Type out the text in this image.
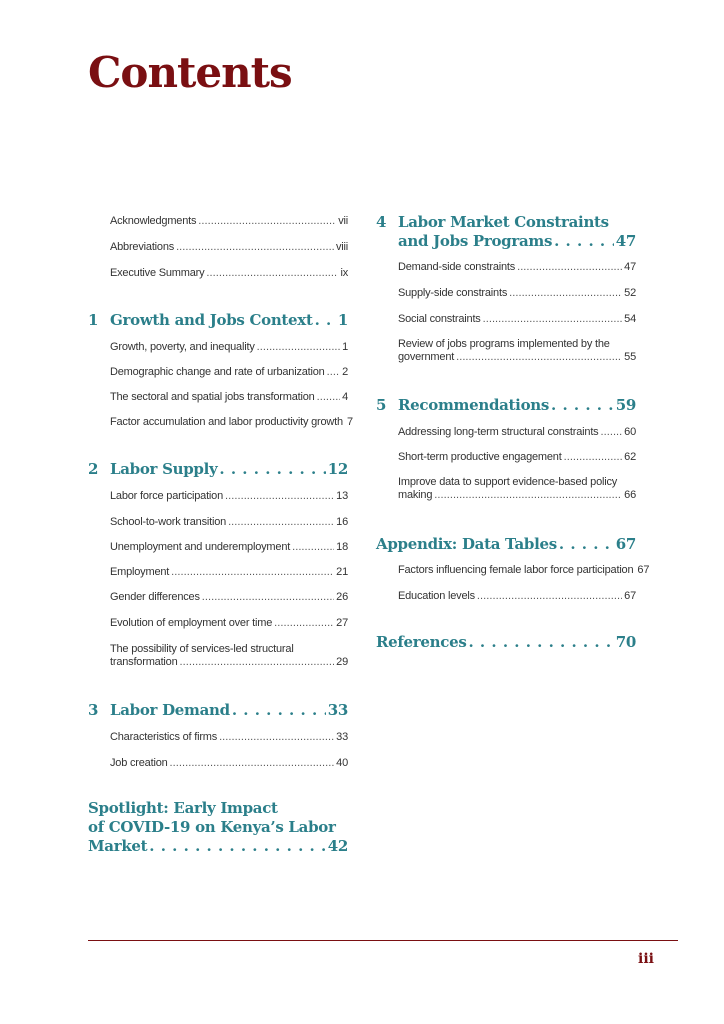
Contents
Acknowledgments . . .	vii
Abbreviations . . .	viii
Executive Summary . . .	ix
1 Growth and Jobs Context . . . 1
Growth, poverty, and inequality . . .	1
Demographic change and rate of urbanization . . . 2
The sectoral and spatial jobs transformation . . . 4
Factor accumulation and labor productivity growth 7
2 Labor Supply . . .	12
Labor force participation . . .	13
School-to-work transition . . .	16
Unemployment and underemployment . . .	18
Employment . . .	21
Gender differences . . .	26
Evolution of employment over time . . .	27
The possibility of services-led structural
transformation . . .	29
3 Labor Demand . . .	33
Characteristics of firms . . .	33
Job creation . . .	40
Spotlight: Early Impact
of COVID-19 on Kenya’s Labor
Market . . .	42
4 Labor Market Constraints
and Jobs Programs . . .	47
Demand-side constraints . . .	47
Supply-side constraints . . .	52
Social constraints . . .	54
Review of jobs programs implemented by the
government . . .	55
5 Recommendations . . .	59
Addressing long-term structural constraints . . . 60
Short-term productive engagement . . .	62
Improve data to support evidence-based policy
making . . .	66
Appendix: Data Tables . . .	67
Factors influencing female labor force participation 67
Education levels . . .	67
References . . .	70
iii
